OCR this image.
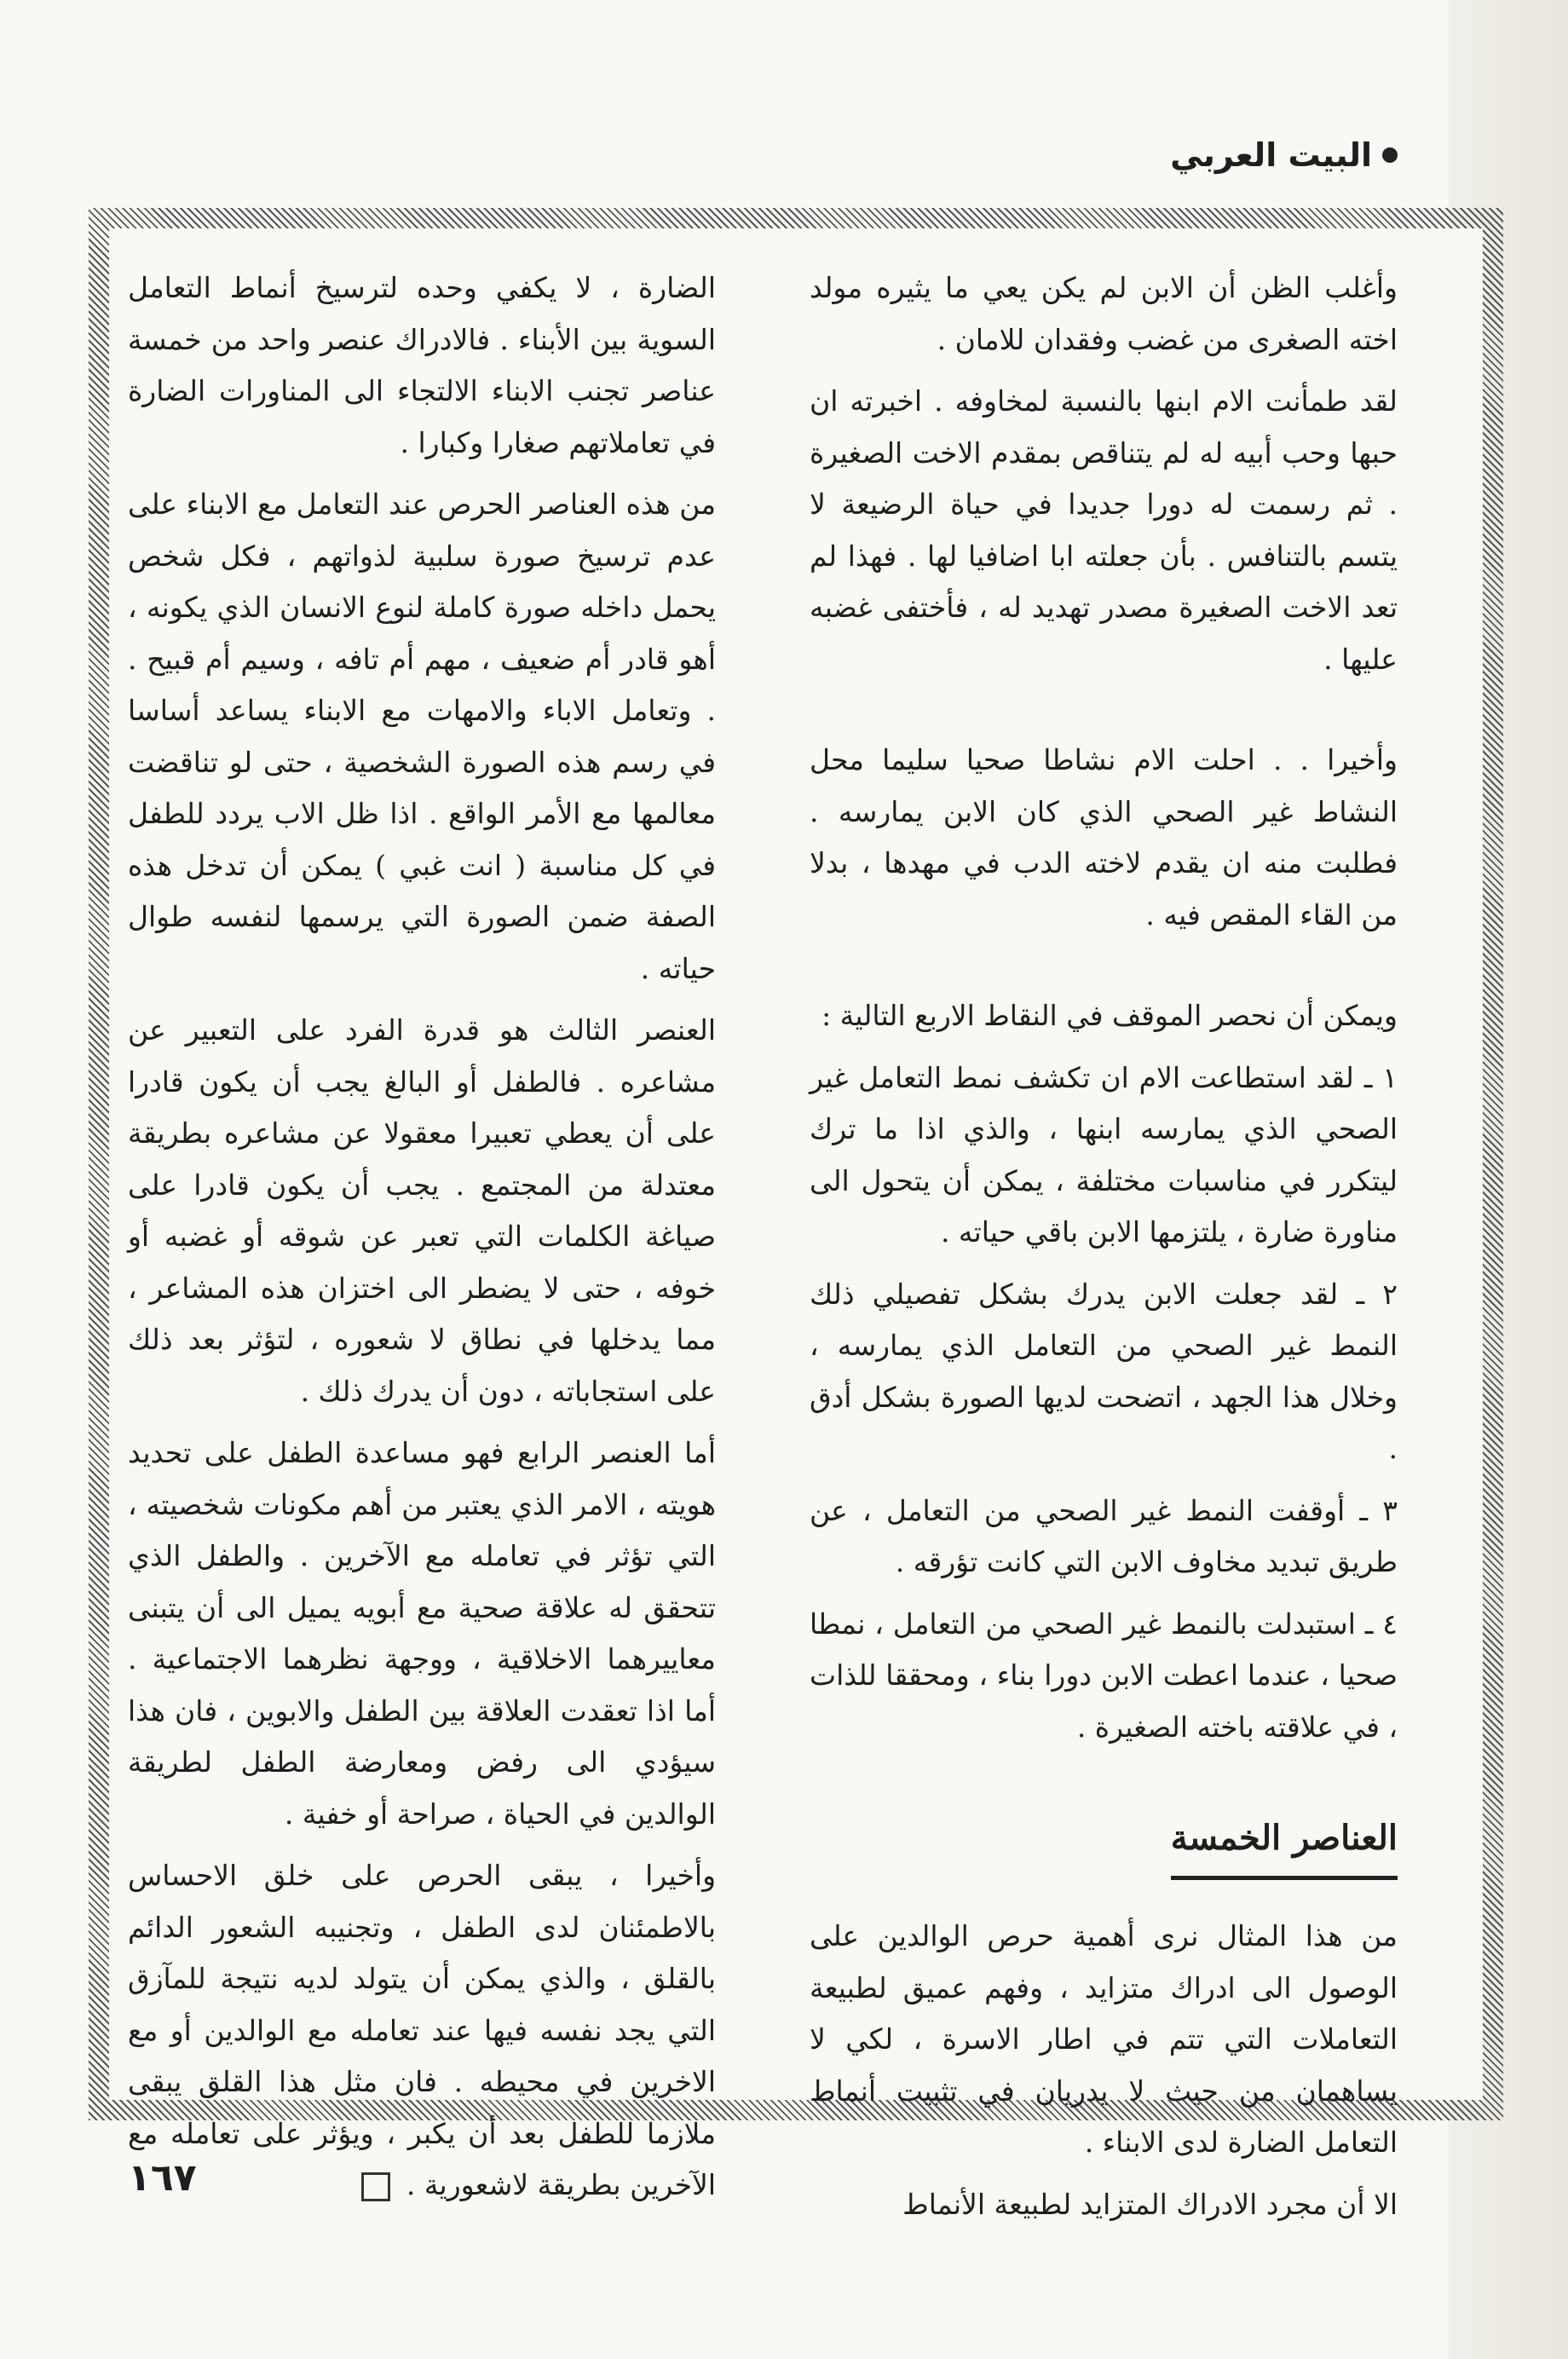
البيت العربي

وأغلب الظن أن الابن لم يكن يعي ما يثيره مولد اخته الصغرى من غضب وفقدان للامان .

لقد طمأنت الام ابنها بالنسبة لمخاوفه . اخبرته ان حبها وحب أبيه له لم يتناقص بمقدم الاخت الصغيرة . ثم رسمت له دورا جديدا في حياة الرضيعة لا يتسم بالتنافس . بأن جعلته ابا اضافيا لها . فهذا لم تعد الاخت الصغيرة مصدر تهديد له ، فأختفى غضبه عليها .

وأخيرا . . احلت الام نشاطا صحيا سليما محل النشاط غير الصحي الذي كان الابن يمارسه . فطلبت منه ان يقدم لاخته الدب في مهدها ، بدلا من القاء المقص فيه .

ويمكن أن نحصر الموقف في النقاط الاربع التالية :

١ ـ لقد استطاعت الام ان تكشف نمط التعامل غير الصحي الذي يمارسه ابنها ، والذي اذا ما ترك ليتكرر في مناسبات مختلفة ، يمكن أن يتحول الى مناورة ضارة ، يلتزمها الابن باقي حياته .

٢ ـ لقد جعلت الابن يدرك بشكل تفصيلي ذلك النمط غير الصحي من التعامل الذي يمارسه ، وخلال هذا الجهد ، اتضحت لديها الصورة بشكل أدق .

٣ ـ أوقفت النمط غير الصحي من التعامل ، عن طريق تبديد مخاوف الابن التي كانت تؤرقه .

٤ ـ استبدلت بالنمط غير الصحي من التعامل ، نمطا صحيا ، عندما اعطت الابن دورا بناء ، ومحققا للذات ، في علاقته باخته الصغيرة .

العناصر الخمسة

من هذا المثال نرى أهمية حرص الوالدين على الوصول الى ادراك متزايد ، وفهم عميق لطبيعة التعاملات التي تتم في اطار الاسرة ، لكي لا يساهمان من حيث لا يدريان في تثبيت أنماط التعامل الضارة لدى الابناء .

الا أن مجرد الادراك المتزايد لطبيعة الأنماط

الضارة ، لا يكفي وحده لترسيخ أنماط التعامل السوية بين الأبناء . فالادراك عنصر واحد من خمسة عناصر تجنب الابناء الالتجاء الى المناورات الضارة في تعاملاتهم صغارا وكبارا .

من هذه العناصر الحرص عند التعامل مع الابناء على عدم ترسيخ صورة سلبية لذواتهم ، فكل شخص يحمل داخله صورة كاملة لنوع الانسان الذي يكونه ، أهو قادر أم ضعيف ، مهم أم تافه ، وسيم أم قبيح . . وتعامل الاباء والامهات مع الابناء يساعد أساسا في رسم هذه الصورة الشخصية ، حتى لو تناقضت معالمها مع الأمر الواقع . اذا ظل الاب يردد للطفل في كل مناسبة ( انت غبي ) يمكن أن تدخل هذه الصفة ضمن الصورة التي يرسمها لنفسه طوال حياته .

العنصر الثالث هو قدرة الفرد على التعبير عن مشاعره . فالطفل أو البالغ يجب أن يكون قادرا على أن يعطي تعبيرا معقولا عن مشاعره بطريقة معتدلة من المجتمع . يجب أن يكون قادرا على صياغة الكلمات التي تعبر عن شوقه أو غضبه أو خوفه ، حتى لا يضطر الى اختزان هذه المشاعر ، مما يدخلها في نطاق لا شعوره ، لتؤثر بعد ذلك على استجاباته ، دون أن يدرك ذلك .

أما العنصر الرابع فهو مساعدة الطفل على تحديد هويته ، الامر الذي يعتبر من أهم مكونات شخصيته ، التي تؤثر في تعامله مع الآخرين . والطفل الذي تتحقق له علاقة صحية مع أبويه يميل الى أن يتبنى معاييرهما الاخلاقية ، ووجهة نظرهما الاجتماعية . أما اذا تعقدت العلاقة بين الطفل والابوين ، فان هذا سيؤدي الى رفض ومعارضة الطفل لطريقة الوالدين في الحياة ، صراحة أو خفية .

وأخيرا ، يبقى الحرص على خلق الاحساس بالاطمئنان لدى الطفل ، وتجنيبه الشعور الدائم بالقلق ، والذي يمكن أن يتولد لديه نتيجة للمآزق التي يجد نفسه فيها عند تعامله مع الوالدين أو مع الاخرين في محيطه . فان مثل هذا القلق يبقى ملازما للطفل بعد أن يكبر ، ويؤثر على تعامله مع الآخرين بطريقة لاشعورية .

١٦٧
